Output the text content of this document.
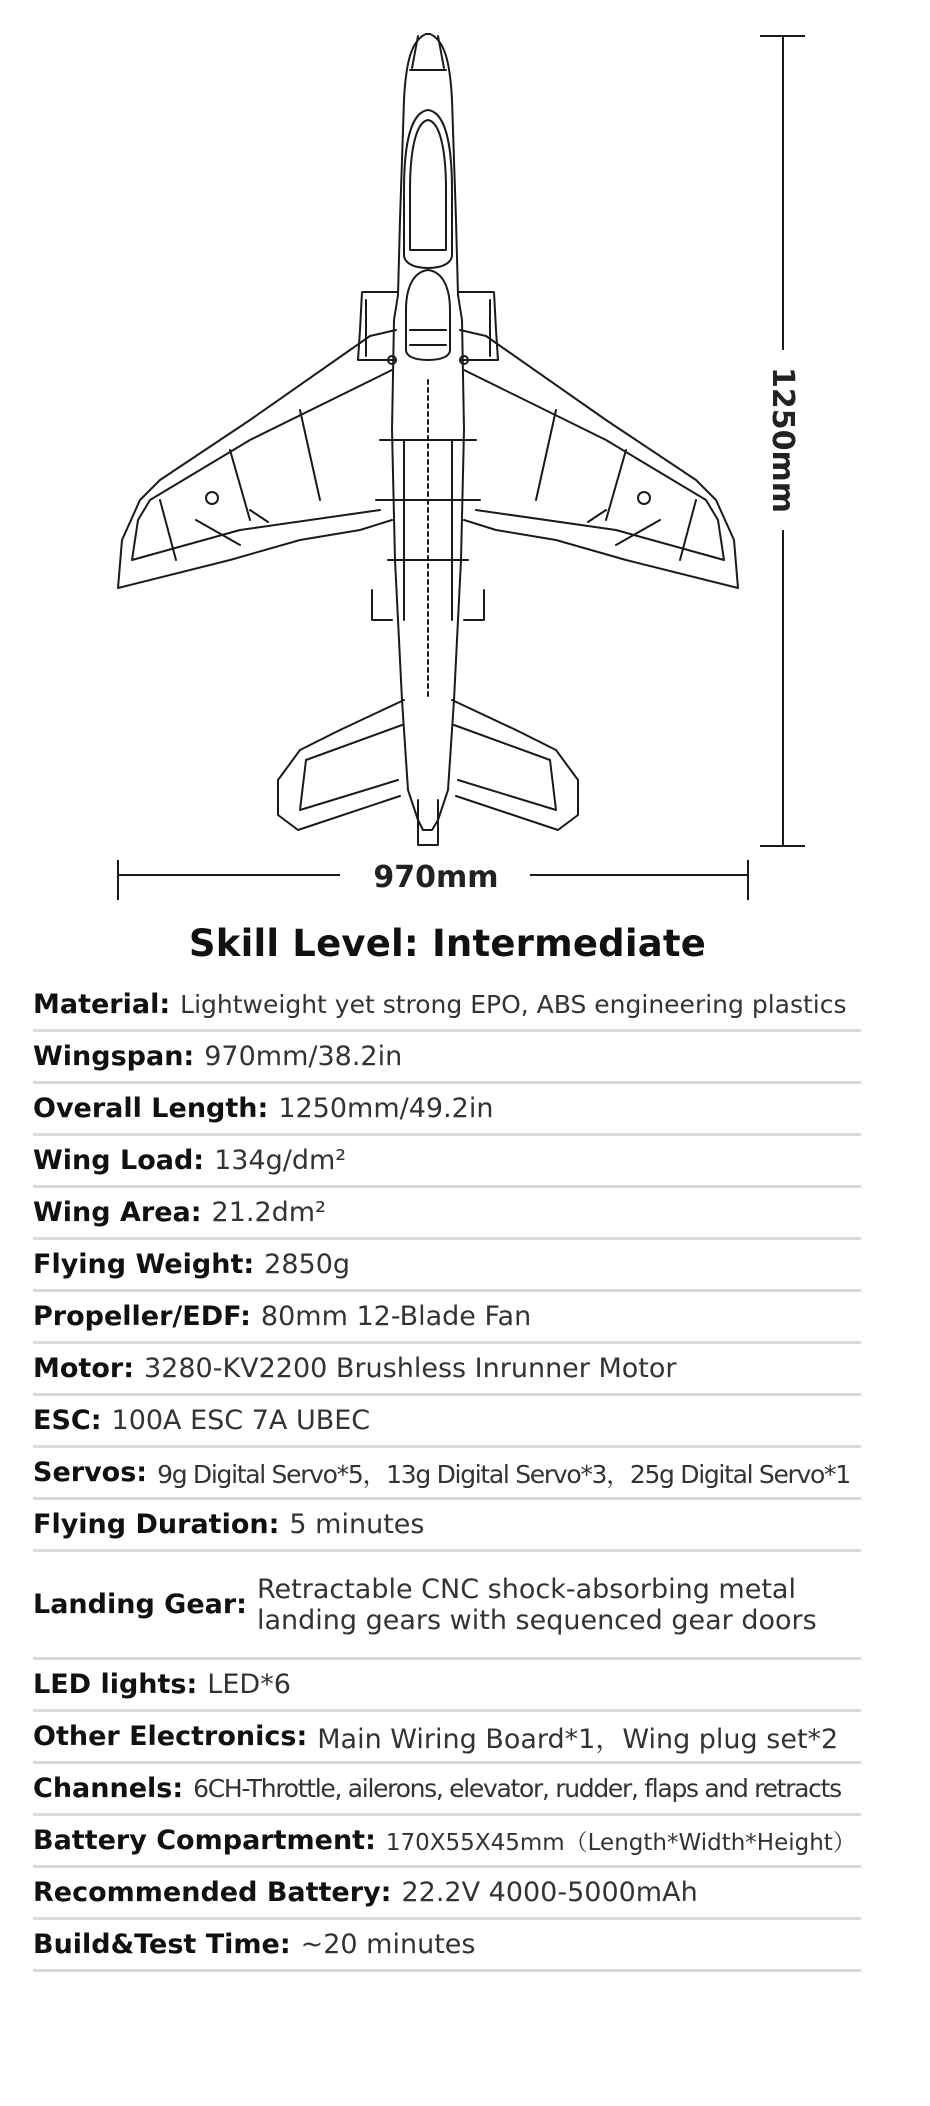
970mm
1250mm
Skill Level: Intermediate
Material: Lightweight yet strong EPO, ABS engineering plastics
Wingspan: 970mm/38.2in
Overall Length: 1250mm/49.2in
Wing Load: 134g/dm²
Wing Area: 21.2dm²
Flying Weight: 2850g
Propeller/EDF: 80mm 12-Blade Fan
Motor: 3280-KV2200 Brushless Inrunner Motor
ESC: 100A ESC 7A UBEC
Servos: 9g Digital Servo*5，13g Digital Servo*3，25g Digital Servo*1
Flying Duration: 5 minutes
Landing Gear: Retractable CNC shock-absorbing metal
landing gears with sequenced gear doors
LED lights: LED*6
Other Electronics: Main Wiring Board*1，Wing plug set*2
Channels: 6CH-Throttle, ailerons, elevator, rudder, flaps and retracts
Battery Compartment: 170X55X45mm（Length*Width*Height）
Recommended Battery: 22.2V 4000-5000mAh
Build&Test Time: ~20 minutes
